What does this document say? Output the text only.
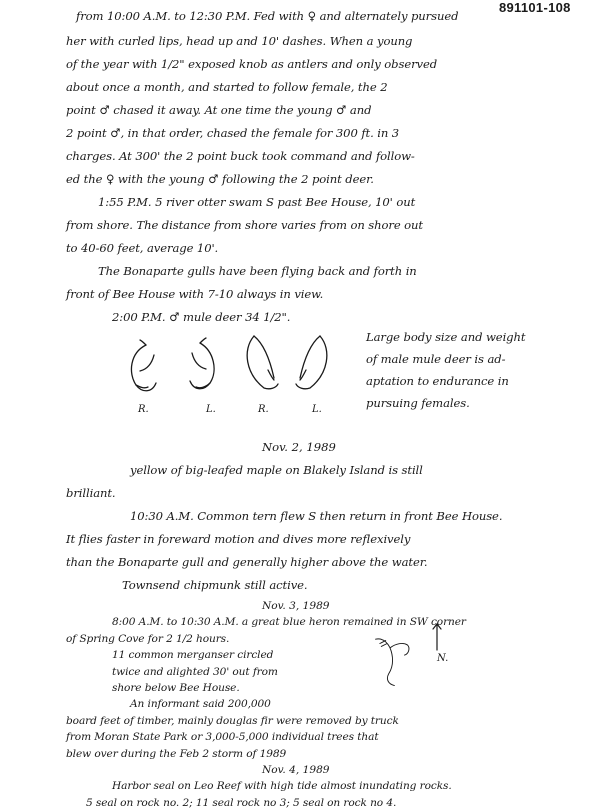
891101-108
from 10:00 A.M. to 12:30 P.M. Fed with ♀ and alternately pursued
her with curled lips, head up and 10' dashes. When a young
of the year with 1/2" exposed knob as antlers and only observed
about once a month, and started to follow female, the 2
point ♂ chased it away. At one time the young ♂ and
2 point ♂, in that order, chased the female for 300 ft. in 3
charges. At 300' the 2 point buck took command and follow-
ed the ♀ with the young ♂ following the 2 point deer.
1:55 P.M. 5 river otter swam S past Bee House, 10' out
from shore. The distance from shore varies from on shore out
to 40-60 feet, average 10'.
The Bonaparte gulls have been flying back and forth in
front of Bee House with 7-10 always in view.
2:00 P.M. ♂ mule deer 34 1/2".
Large body size and weight
of male mule deer is ad-
aptation to endurance in
pursuing females.
R.	L.	R.	L.
Nov. 2, 1989
yellow of big-leafed maple on Blakely Island is still
brilliant.
10:30 A.M. Common tern flew S then return in front Bee House.
It flies faster in foreward motion and dives more reflexively
than the Bonaparte gull and generally higher above the water.
Townsend chipmunk still active.
N.
Nov. 3, 1989
8:00 A.M. to 10:30 A.M. a great blue heron remained in SW corner
of Spring Cove for 2 1/2 hours.
11 common merganser circled
twice and alighted 30' out from
shore below Bee House.
An informant said 200,000
board feet of timber, mainly douglas fir were removed by truck
from Moran State Park or 3,000-5,000 individual trees that
blew over during the Feb 2 storm of 1989
Nov. 4, 1989
Harbor seal on Leo Reef with high tide almost inundating rocks.
5 seal on rock no. 2; 11 seal rock no 3; 5 seal on rock no 4.
